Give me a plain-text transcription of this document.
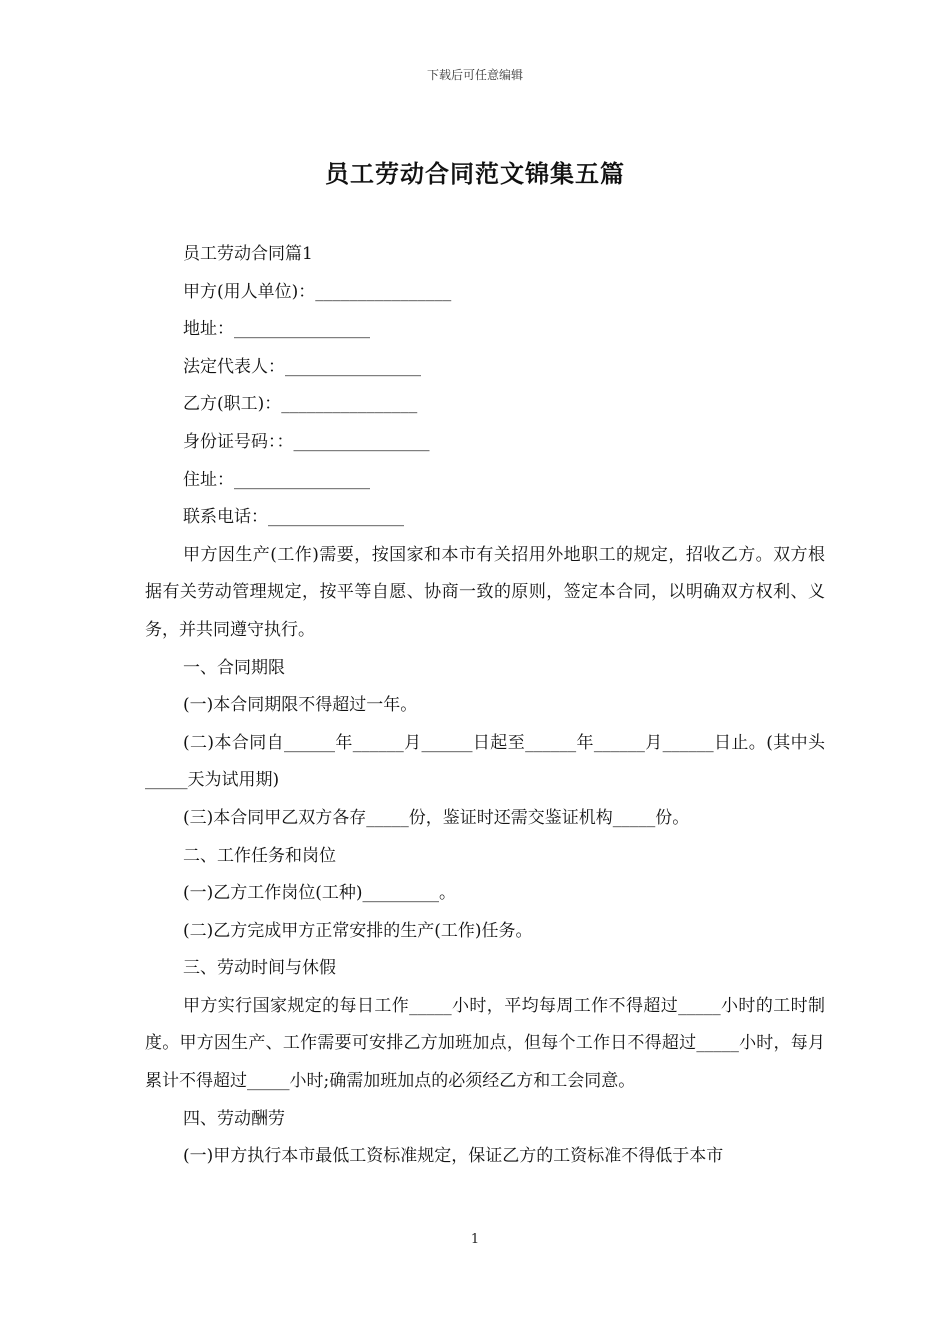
下载后可任意编辑
员工劳动合同范文锦集五篇

员工劳动合同篇1

甲方(用人单位)：________________

地址：________________

法定代表人：________________

乙方(职工)：________________

身份证号码：：________________

住址：________________

联系电话：________________

甲方因生产(工作)需要，按国家和本市有关招用外地职工的规定，招收乙方。双方根据有关劳动管理规定，按平等自愿、协商一致的原则，签定本合同，以明确双方权利、义务，并共同遵守执行。

一、合同期限

(一)本合同期限不得超过一年。

(二)本合同自______年______月______日起至______年______月______日止。(其中头_____天为试用期)

(三)本合同甲乙双方各存_____份，鉴证时还需交鉴证机构_____份。

二、工作任务和岗位

(一)乙方工作岗位(工种)_________。

(二)乙方完成甲方正常安排的生产(工作)任务。

三、劳动时间与休假

甲方实行国家规定的每日工作_____小时，平均每周工作不得超过_____小时的工时制度。甲方因生产、工作需要可安排乙方加班加点，但每个工作日不得超过_____小时，每月累计不得超过_____小时;确需加班加点的必须经乙方和工会同意。

四、劳动酬劳

(一)甲方执行本市最低工资标准规定，保证乙方的工资标准不得低于本市

1
